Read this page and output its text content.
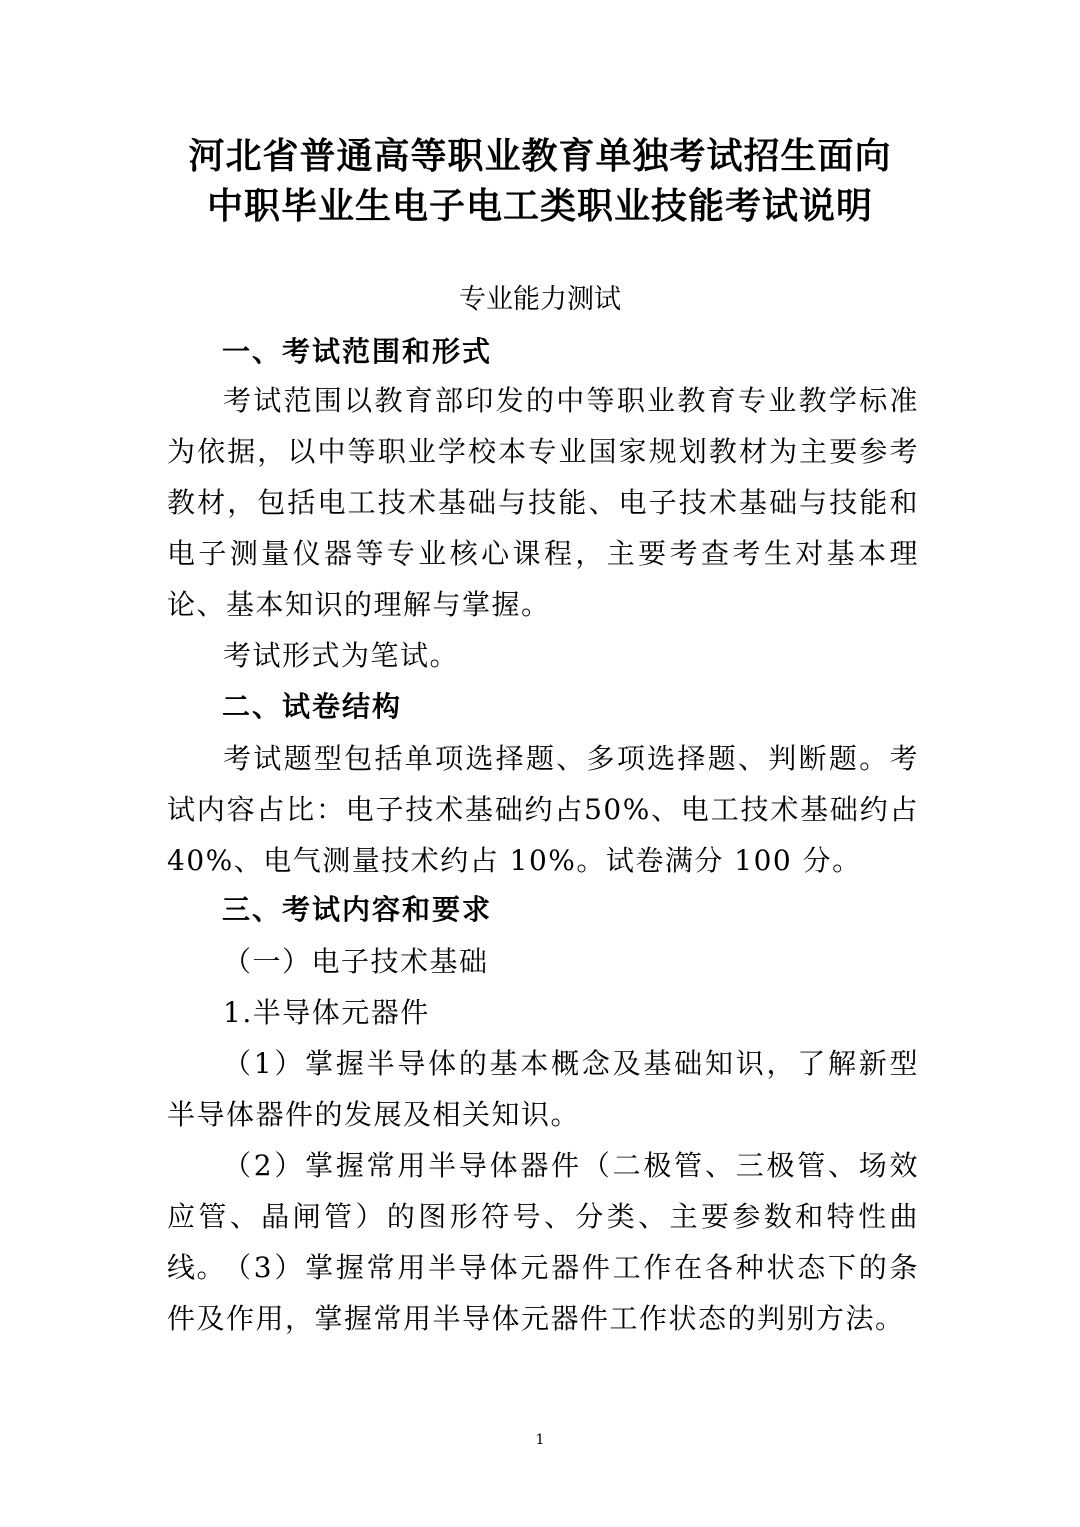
河北省普通高等职业教育单独考试招生面向
中职毕业生电子电工类职业技能考试说明
专业能力测试
一、考试范围和形式
考试范围以教育部印发的中等职业教育专业教学标准为依据，以中等职业学校本专业国家规划教材为主要参考教材，包括电工技术基础与技能、电子技术基础与技能和电子测量仪器等专业核心课程，主要考查考生对基本理论、基本知识的理解与掌握。
考试形式为笔试。
二、试卷结构
考试题型包括单项选择题、多项选择题、判断题。考试内容占比：电子技术基础约占50%、电工技术基础约占40%、电气测量技术约占 10%。试卷满分 100 分。
三、考试内容和要求
（一）电子技术基础
1.半导体元器件
（1）掌握半导体的基本概念及基础知识，了解新型半导体器件的发展及相关知识。
（2）掌握常用半导体器件（二极管、三极管、场效应管、晶闸管）的图形符号、分类、主要参数和特性曲线。
（3）掌握常用半导体元器件工作在各种状态下的条件及作用，掌握常用半导体元器件工作状态的判别方法。
1
